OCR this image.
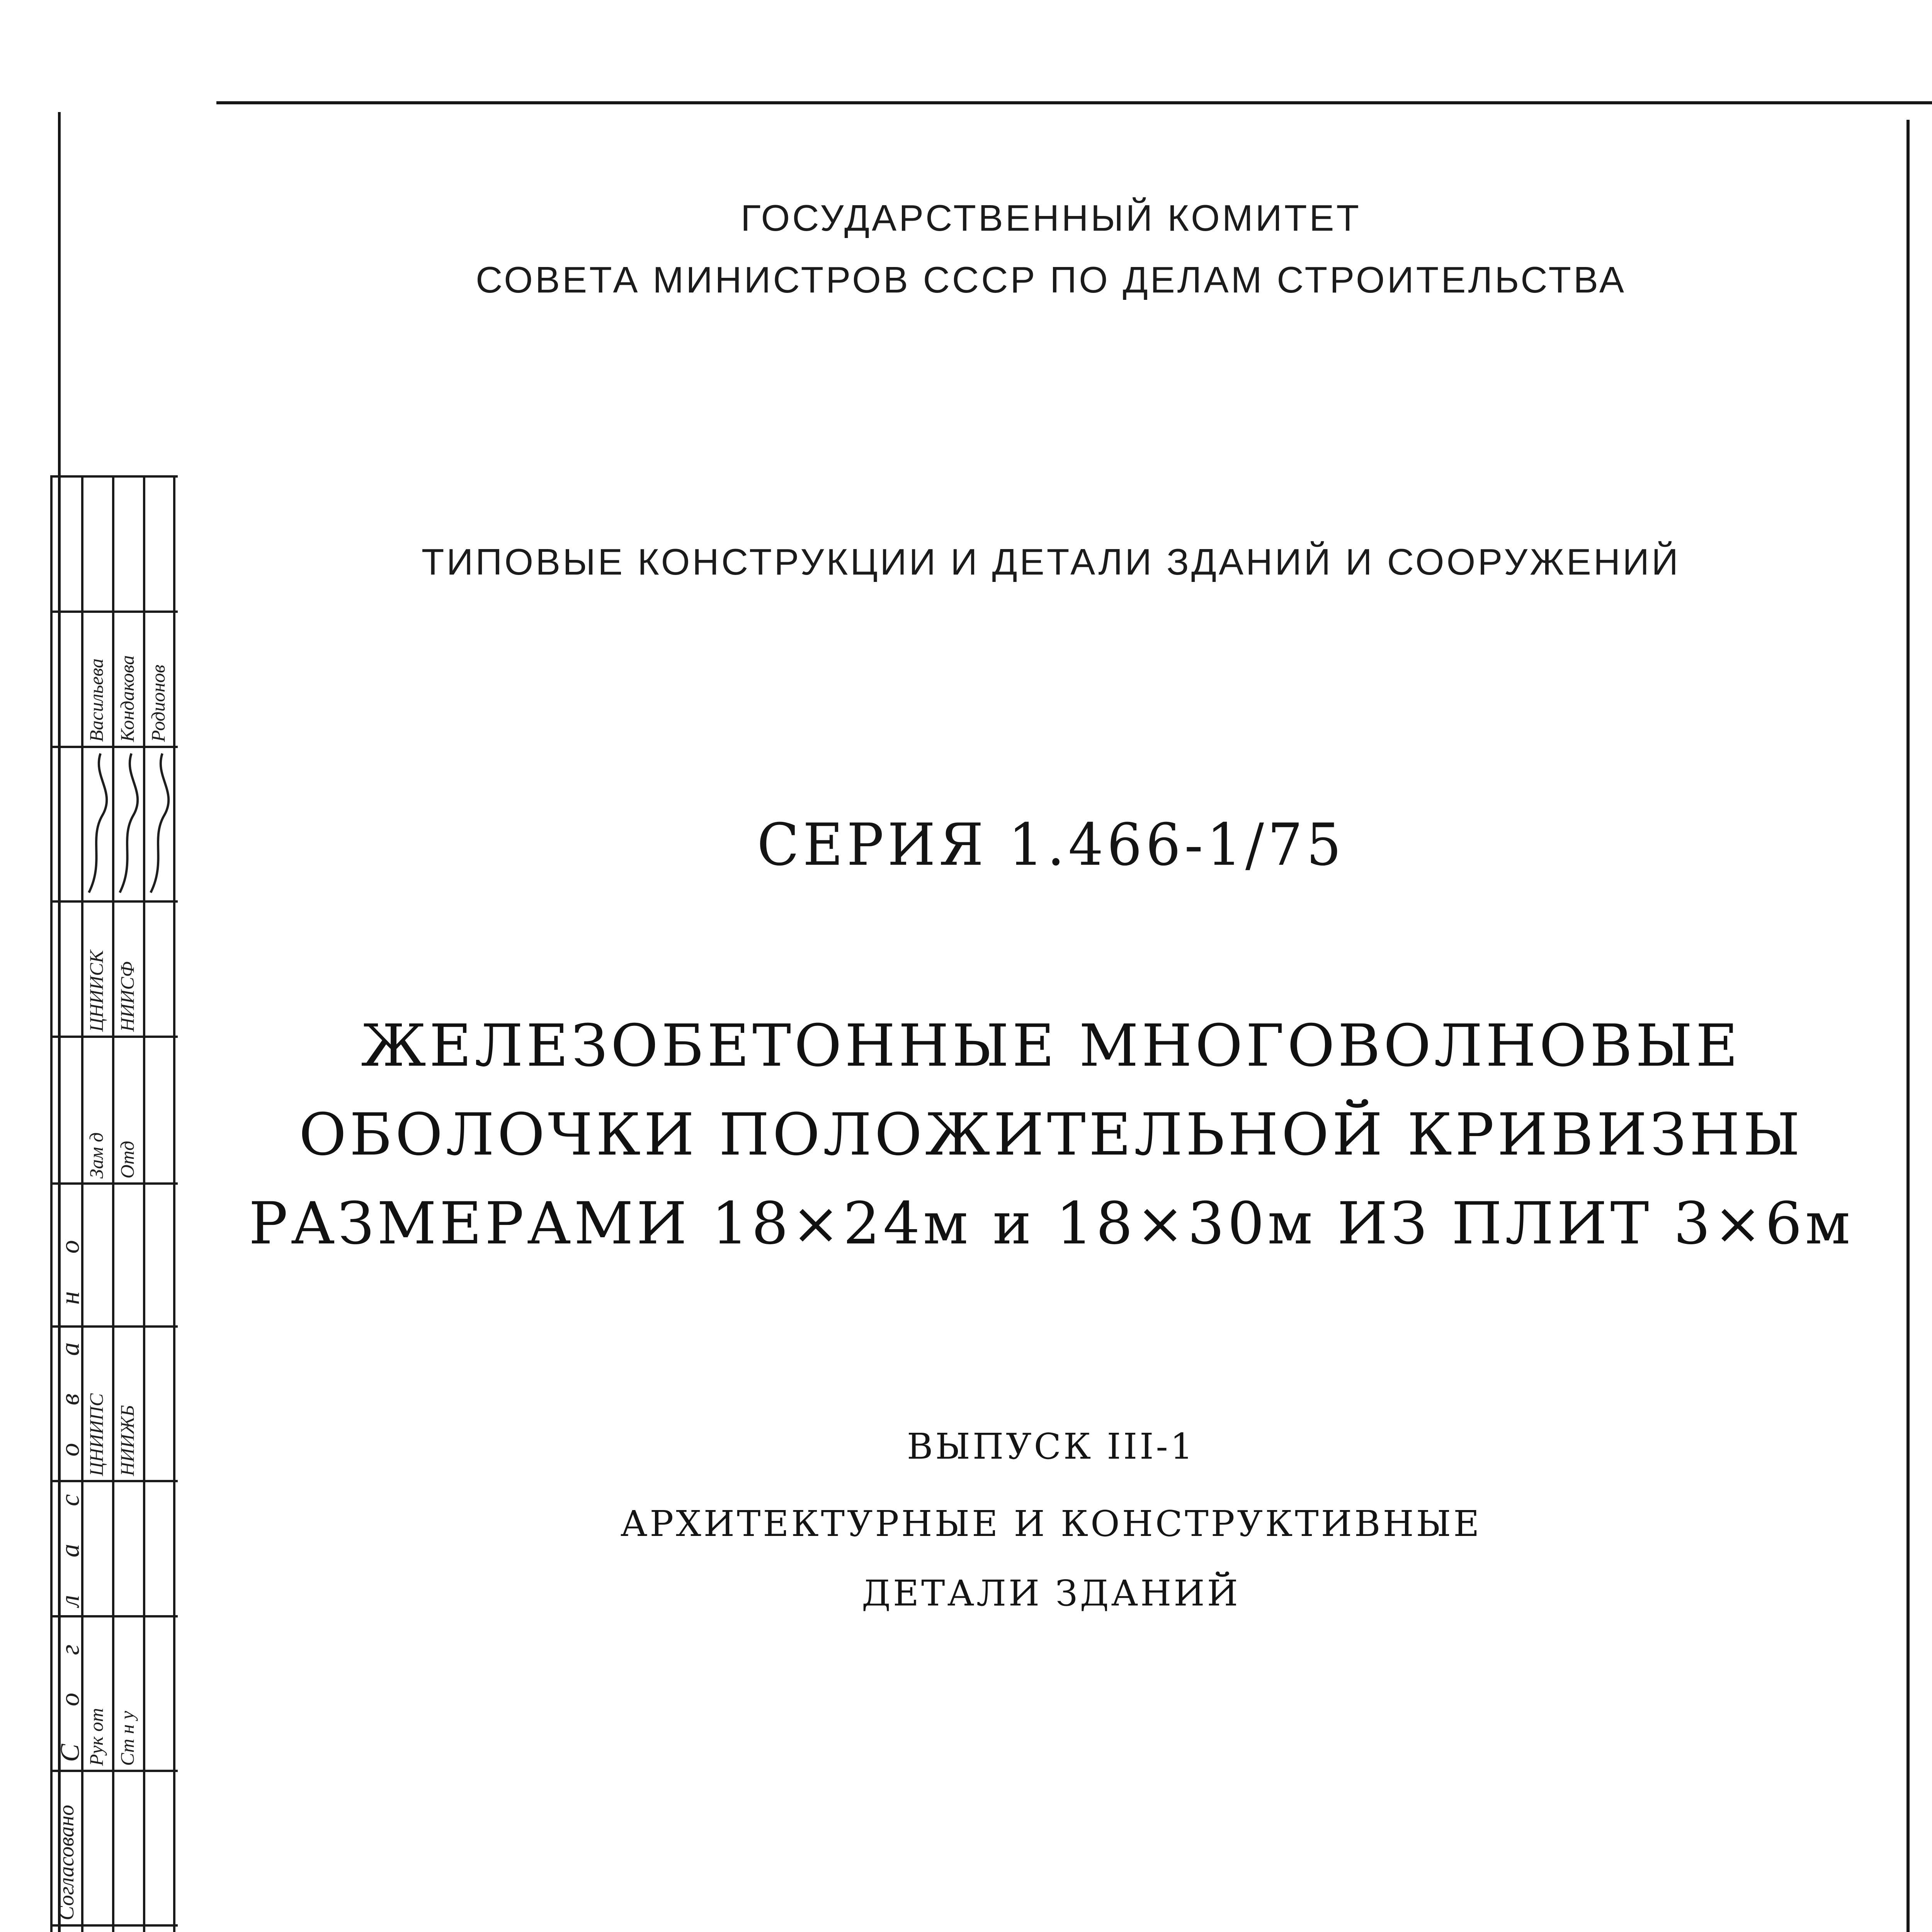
ГОСУДАРСТВЕННЫЙ КОМИТЕТ
СОВЕТА МИНИСТРОВ СССР ПО ДЕЛАМ СТРОИТЕЛЬСТВА
ТИПОВЫЕ КОНСТРУКЦИИ И ДЕТАЛИ ЗДАНИЙ И СООРУЖЕНИЙ
СЕРИЯ 1.466-1/75
ЖЕЛЕЗОБЕТОННЫЕ МНОГОВОЛНОВЫЕ
ОБОЛОЧКИ ПОЛОЖИТЕЛЬНОЙ КРИВИЗНЫ
РАЗМЕРАМИ 18×24м и 18×30м ИЗ ПЛИТ 3×6м
ВЫПУСК III-1
АРХИТЕКТУРНЫЕ И КОНСТРУКТИВНЫЕ
ДЕТАЛИ ЗДАНИЙ
Согласовано
С о г л а с о в а н о Рук от Ст н у
Зам д Отд
ЦНИИПС НИИЖБ
ЦНИИСК НИИСФ
Васильева Кондакова Родионов
